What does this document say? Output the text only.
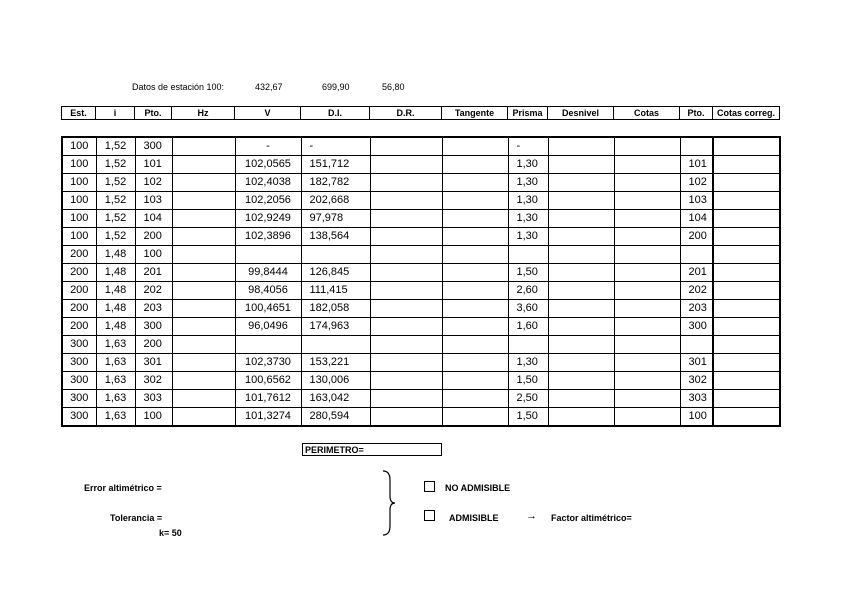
Datos de estación 100:	432,67	699,90	56,80
Est.	i	Pto.	Hz	V	D.I.	D.R.	Tangente	Prisma	Desnivel	Cotas	Pto.	Cotas correg.
100	1,52	300		-	-			-				
100	1,52	101		102,0565	151,712			1,30			101	
100	1,52	102		102,4038	182,782			1,30			102	
100	1,52	103		102,2056	202,668			1,30			103	
100	1,52	104		102,9249	97,978			1,30			104	
100	1,52	200		102,3896	138,564			1,30			200	
200	1,48	100										
200	1,48	201		99,8444	126,845			1,50			201	
200	1,48	202		98,4056	111,415			2,60			202	
200	1,48	203		100,4651	182,058			3,60			203	
200	1,48	300		96,0496	174,963			1,60			300	
300	1,63	200										
300	1,63	301		102,3730	153,221			1,30			301	
300	1,63	302		100,6562	130,006			1,50			302	
300	1,63	303		101,7612	163,042			2,50			303	
300	1,63	100		101,3274	280,594			1,50			100	
PERIMETRO=
Error altimétrico =
Tolerancia =
k= 50
NO ADMISIBLE
ADMISIBLE	→ Factor altimétrico=
